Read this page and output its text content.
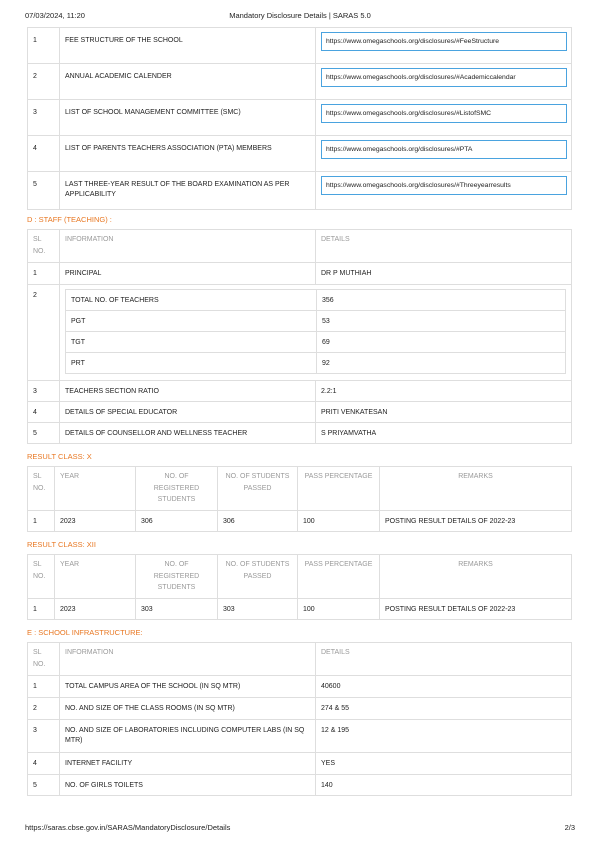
07/03/2024, 11:20	Mandatory Disclosure Details | SARAS 5.0
1	FEE STRUCTURE OF THE SCHOOL	https://www.omegaschools.org/disclosures/#FeeStructure

2	ANNUAL ACADEMIC CALENDER	https://www.omegaschools.org/disclosures/#Academiccalendar

3	LIST OF SCHOOL MANAGEMENT COMMITTEE (SMC)	https://www.omegaschools.org/disclosures/#ListofSMC

4	LIST OF PARENTS TEACHERS ASSOCIATION (PTA) MEMBERS	https://www.omegaschools.org/disclosures/#PTA

5	LAST THREE-YEAR RESULT OF THE BOARD EXAMINATION AS PER APPLICABILITY	https://www.omegaschools.org/disclosures/#Threeyearresults
D : STAFF (TEACHING) :
SL NO.	INFORMATION	DETAILS
1	PRINCIPAL	DR P MUTHIAH
2	
TOTAL NO. OF TEACHERS	356
PGT	53
TGT	69
PRT	92

3	TEACHERS SECTION RATIO	2.2:1
4	DETAILS OF SPECIAL EDUCATOR	PRITI VENKATESAN
5	DETAILS OF COUNSELLOR AND WELLNESS TEACHER	S PRIYAMVATHA
RESULT CLASS: X
SL NO.	YEAR	NO. OF REGISTERED STUDENTS	NO. OF STUDENTS PASSED	PASS PERCENTAGE	REMARKS
1	2023	306	306	100	POSTING RESULT DETAILS OF 2022-23
RESULT CLASS: XII
SL NO.	YEAR	NO. OF REGISTERED STUDENTS	NO. OF STUDENTS PASSED	PASS PERCENTAGE	REMARKS
1	2023	303	303	100	POSTING RESULT DETAILS OF 2022-23
E : SCHOOL INFRASTRUCTURE:
SL NO.	INFORMATION	DETAILS
1	TOTAL CAMPUS AREA OF THE SCHOOL (IN SQ MTR)	40600
2	NO. AND SIZE OF THE CLASS ROOMS (IN SQ MTR)	274 & 55
3	NO. AND SIZE OF LABORATORIES INCLUDING COMPUTER LABS (IN SQ MTR)	12 & 195
4	INTERNET FACILITY	YES
5	NO. OF GIRLS TOILETS	140
https://saras.cbse.gov.in/SARAS/MandatoryDisclosure/Details	2/3
